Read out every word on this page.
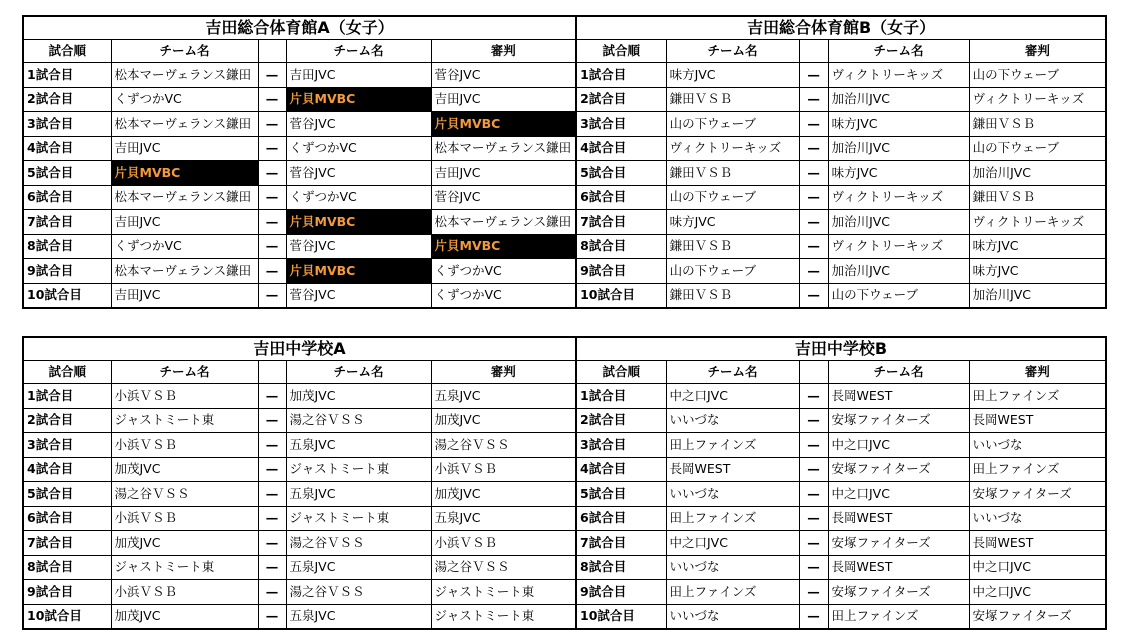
吉田総合体育館A（女子）					吉田総合体育館B（女子）				
試合順	チーム名		チーム名	審判	試合順	チーム名		チーム名	審判
1試合目	松本マーヴェランス鎌田	—	吉田JVC	菅谷JVC	1試合目	味方JVC	—	ヴィクトリーキッズ	山の下ウェーブ
2試合目	くずつかVC	—	片貝MVBC	吉田JVC	2試合目	鎌田ＶＳＢ	—	加治川JVC	ヴィクトリーキッズ
3試合目	松本マーヴェランス鎌田	—	菅谷JVC	片貝MVBC	3試合目	山の下ウェーブ	—	味方JVC	鎌田ＶＳＢ
4試合目	吉田JVC	—	くずつかVC	松本マーヴェランス鎌田	4試合目	ヴィクトリーキッズ	—	加治川JVC	山の下ウェーブ
5試合目	片貝MVBC	—	菅谷JVC	吉田JVC	5試合目	鎌田ＶＳＢ	—	味方JVC	加治川JVC
6試合目	松本マーヴェランス鎌田	—	くずつかVC	菅谷JVC	6試合目	山の下ウェーブ	—	ヴィクトリーキッズ	鎌田ＶＳＢ
7試合目	吉田JVC	—	片貝MVBC	松本マーヴェランス鎌田	7試合目	味方JVC	—	加治川JVC	ヴィクトリーキッズ
8試合目	くずつかVC	—	菅谷JVC	片貝MVBC	8試合目	鎌田ＶＳＢ	—	ヴィクトリーキッズ	味方JVC
9試合目	松本マーヴェランス鎌田	—	片貝MVBC	くずつかVC	9試合目	山の下ウェーブ	—	加治川JVC	味方JVC
10試合目	吉田JVC	—	菅谷JVC	くずつかVC	10試合目	鎌田ＶＳＢ	—	山の下ウェーブ	加治川JVC
吉田中学校A					吉田中学校B				
試合順	チーム名		チーム名	審判	試合順	チーム名		チーム名	審判
1試合目	小浜ＶＳＢ	—	加茂JVC	五泉JVC	1試合目	中之口JVC	—	長岡WEST	田上ファインズ
2試合目	ジャストミート東	—	湯之谷ＶＳＳ	加茂JVC	2試合目	いいづな	—	安塚ファイターズ	長岡WEST
3試合目	小浜ＶＳＢ	—	五泉JVC	湯之谷ＶＳＳ	3試合目	田上ファインズ	—	中之口JVC	いいづな
4試合目	加茂JVC	—	ジャストミート東	小浜ＶＳＢ	4試合目	長岡WEST	—	安塚ファイターズ	田上ファインズ
5試合目	湯之谷ＶＳＳ	—	五泉JVC	加茂JVC	5試合目	いいづな	—	中之口JVC	安塚ファイターズ
6試合目	小浜ＶＳＢ	—	ジャストミート東	五泉JVC	6試合目	田上ファインズ	—	長岡WEST	いいづな
7試合目	加茂JVC	—	湯之谷ＶＳＳ	小浜ＶＳＢ	7試合目	中之口JVC	—	安塚ファイターズ	長岡WEST
8試合目	ジャストミート東	—	五泉JVC	湯之谷ＶＳＳ	8試合目	いいづな	—	長岡WEST	中之口JVC
9試合目	小浜ＶＳＢ	—	湯之谷ＶＳＳ	ジャストミート東	9試合目	田上ファインズ	—	安塚ファイターズ	中之口JVC
10試合目	加茂JVC	—	五泉JVC	ジャストミート東	10試合目	いいづな	—	田上ファインズ	安塚ファイターズ
